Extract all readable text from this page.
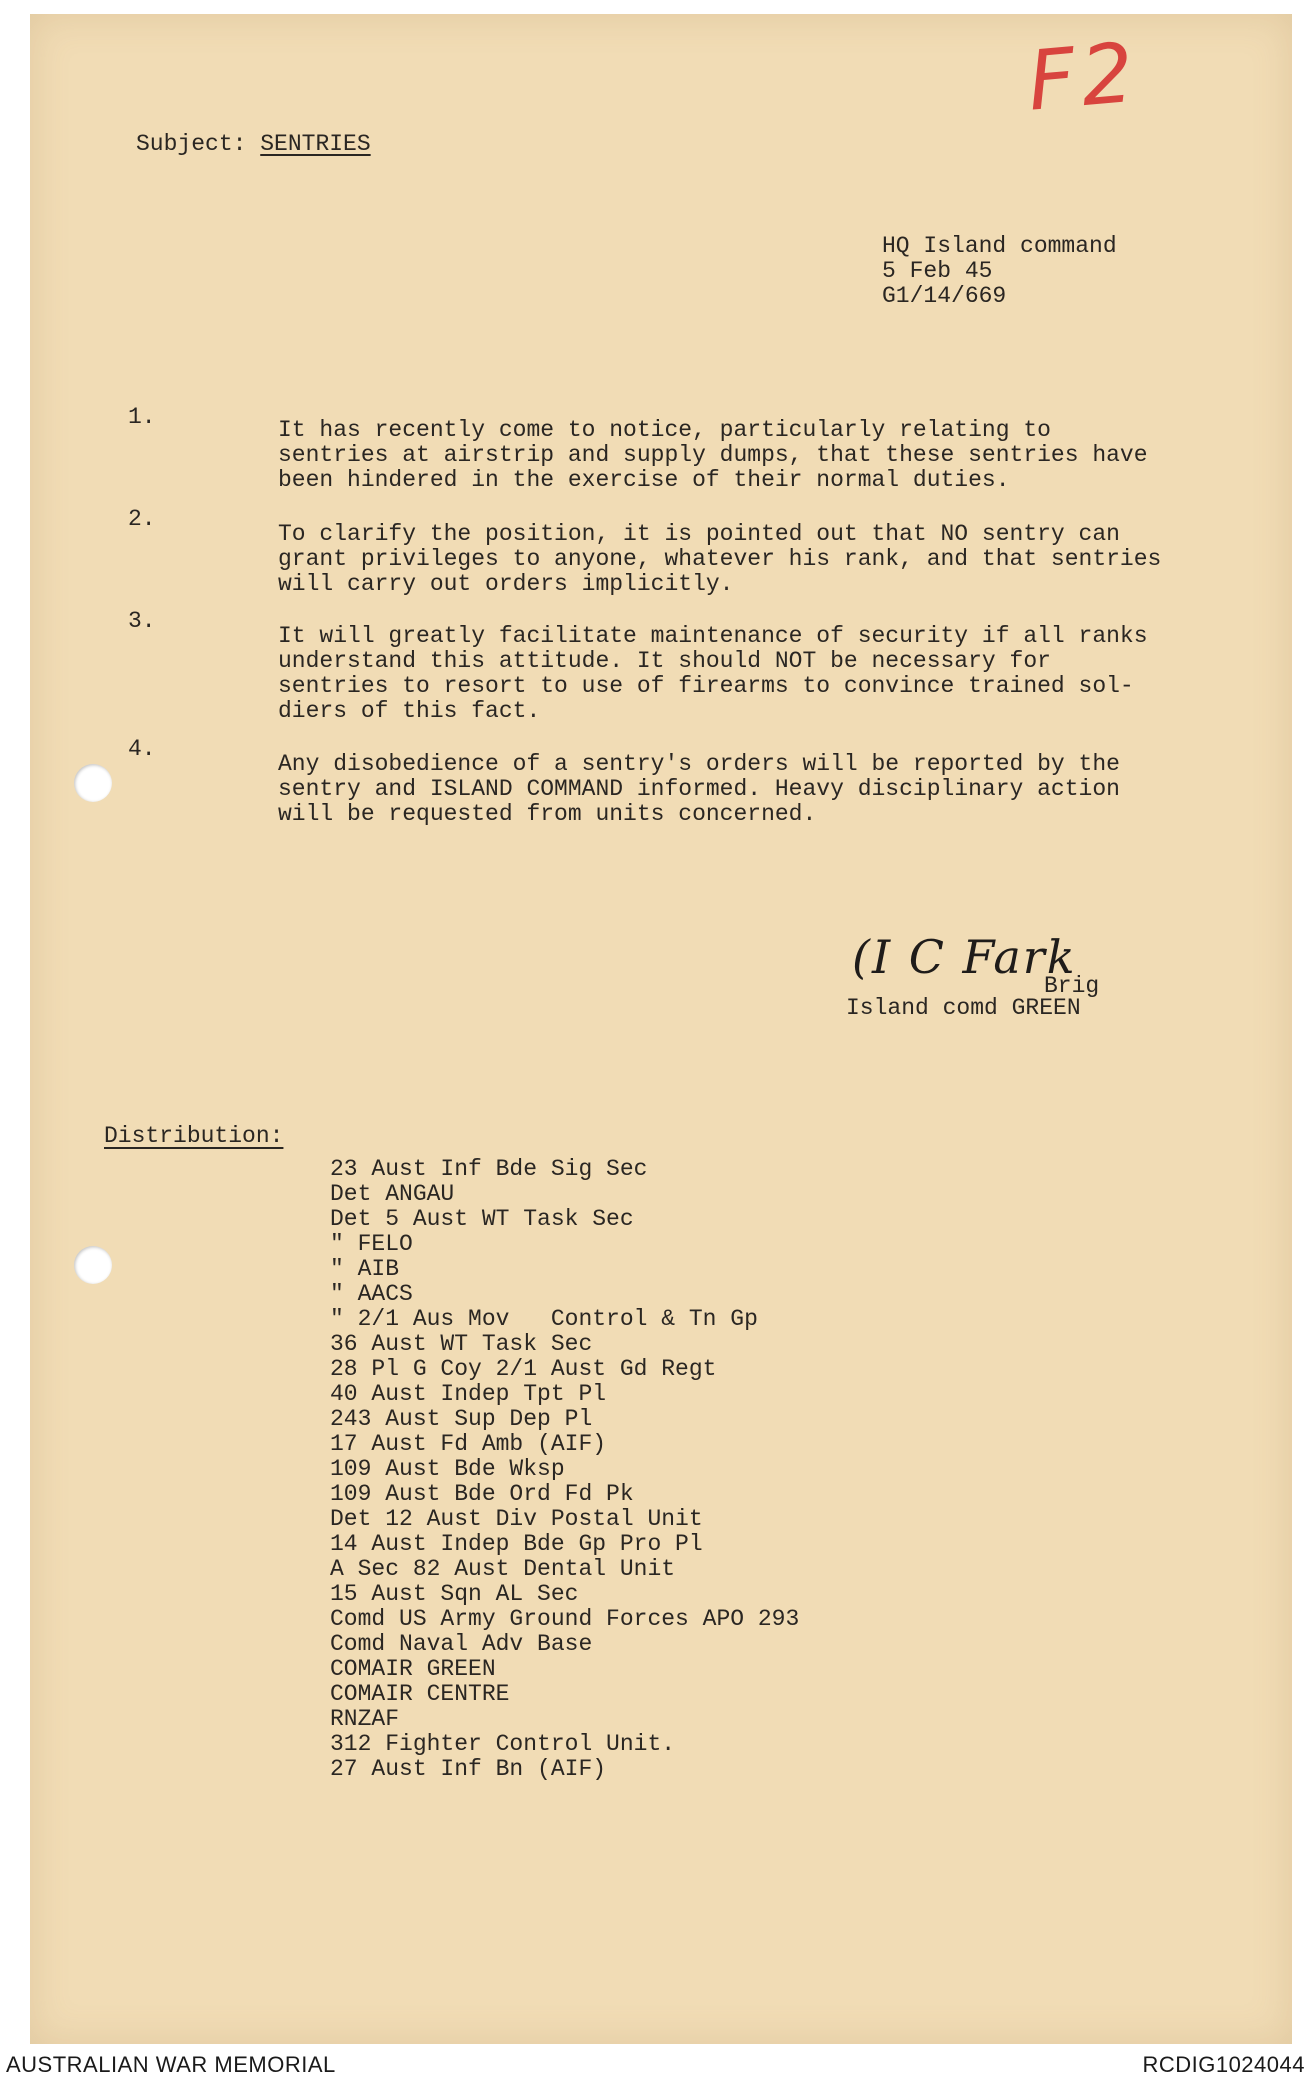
F2
Subject: SENTRIES
HQ Island command
5 Feb 45
G1/14/669
1.	It has recently come to notice, particularly relating to
sentries at airstrip and supply dumps, that these sentries have
been hindered in the exercise of their normal duties.
2.
To clarify the position, it is pointed out that NO sentry can
grant privileges to anyone, whatever his rank, and that sentries
will carry out orders implicitly.
3.
It will greatly facilitate maintenance of security if all ranks
understand this attitude. It should NOT be necessary for
sentries to resort to use of firearms to convince trained sol-
diers of this fact.
4.
Any disobedience of a sentry's orders will be reported by the
sentry and ISLAND COMMAND informed. Heavy disciplinary action
will be requested from units concerned.
(I C Fark
Brig
Island comd GREEN
Distribution:
23 Aust Inf Bde Sig Sec
Det ANGAU
Det 5 Aust WT Task Sec
" FELO
" AIB
" AACS
" 2/1 Aus Mov   Control & Tn Gp
36 Aust WT Task Sec
28 Pl G Coy 2/1 Aust Gd Regt
40 Aust Indep Tpt Pl
243 Aust Sup Dep Pl
17 Aust Fd Amb (AIF)
109 Aust Bde Wksp
109 Aust Bde Ord Fd Pk
Det 12 Aust Div Postal Unit
14 Aust Indep Bde Gp Pro Pl
A Sec 82 Aust Dental Unit
15 Aust Sqn AL Sec
Comd US Army Ground Forces APO 293
Comd Naval Adv Base
COMAIR GREEN
COMAIR CENTRE
RNZAF
312 Fighter Control Unit.
27 Aust Inf Bn (AIF)
AUSTRALIAN WAR MEMORIAL	RCDIG1024044
